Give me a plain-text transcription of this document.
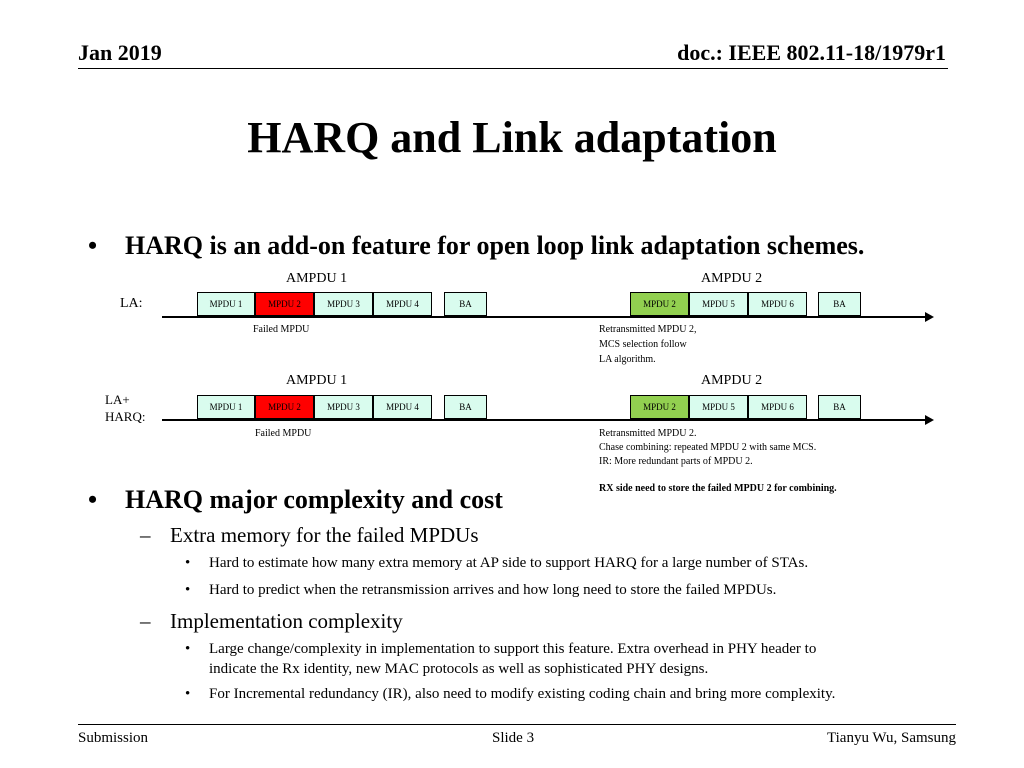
Jan 2019	doc.: IEEE 802.11-18/1979r1
HARQ and Link adaptation
• HARQ is an add-on feature for open loop link adaptation schemes.
AMPDU 1	AMPDU 2
LA:	MPDU 1	MPDU 2	MPDU 3	MPDU 4	BA	MPDU 2	MPDU 5	MPDU 6	BA
Failed MPDU	Retransmitted MPDU 2,
MCS selection follow
LA algorithm.
AMPDU 1	AMPDU 2
LA+
HARQ:
MPDU 1	MPDU 2	MPDU 3	MPDU 4	BA	MPDU 2	MPDU 5	MPDU 6	BA
Failed MPDU	Retransmitted MPDU 2.
Chase combining: repeated MPDU 2 with same MCS.
IR: More redundant parts of MPDU 2.
RX side need to store the failed MPDU 2 for combining.
• HARQ major complexity and cost
– Extra memory for the failed MPDUs
• Hard to estimate how many extra memory at AP side to support HARQ for a large number of STAs.
• Hard to predict when the retransmission arrives and how long need to store the failed MPDUs.
– Implementation complexity
• Large change/complexity in implementation to support this feature. Extra overhead in PHY header to
indicate the Rx identity, new MAC protocols as well as sophisticated PHY designs.
• For Incremental redundancy (IR), also need to modify existing coding chain and bring more complexity.
Submission	Slide 3	Tianyu Wu, Samsung
